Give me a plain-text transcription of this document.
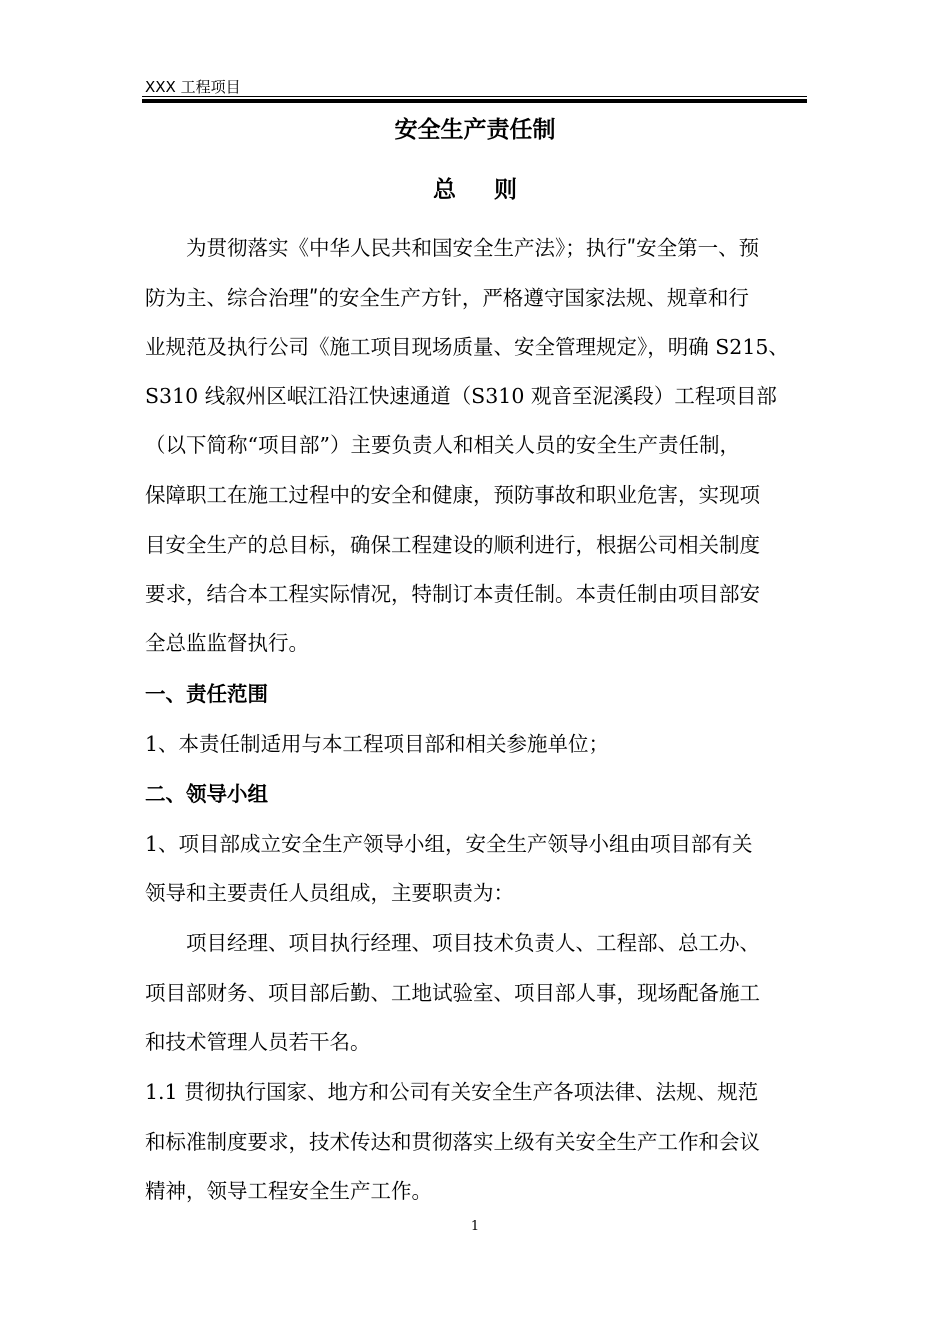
XXX 工程项目
安全生产责任制
总 则
为贯彻落实《中华人民共和国安全生产法》；执行ʺ安全第一、预
防为主、综合治理ʺ的安全生产方针，严格遵守国家法规、规章和行
业规范及执行公司《施工项目现场质量、安全管理规定》，明确 S215、
S310 线叙州区岷江沿江快速通道（S310 观音至泥溪段）工程项目部
（以下简称“项目部”）主要负责人和相关人员的安全生产责任制，
保障职工在施工过程中的安全和健康，预防事故和职业危害，实现项
目安全生产的总目标，确保工程建设的顺利进行，根据公司相关制度
要求，结合本工程实际情况，特制订本责任制。本责任制由项目部安
全总监监督执行。
一、责任范围
1、本责任制适用与本工程项目部和相关参施单位；
二、领导小组
1、项目部成立安全生产领导小组，安全生产领导小组由项目部有关
领导和主要责任人员组成，主要职责为：
项目经理、项目执行经理、项目技术负责人、工程部、总工办、
项目部财务、项目部后勤、工地试验室、项目部人事，现场配备施工
和技术管理人员若干名。
1.1 贯彻执行国家、地方和公司有关安全生产各项法律、法规、规范
和标准制度要求，技术传达和贯彻落实上级有关安全生产工作和会议
精神，领导工程安全生产工作。
1
